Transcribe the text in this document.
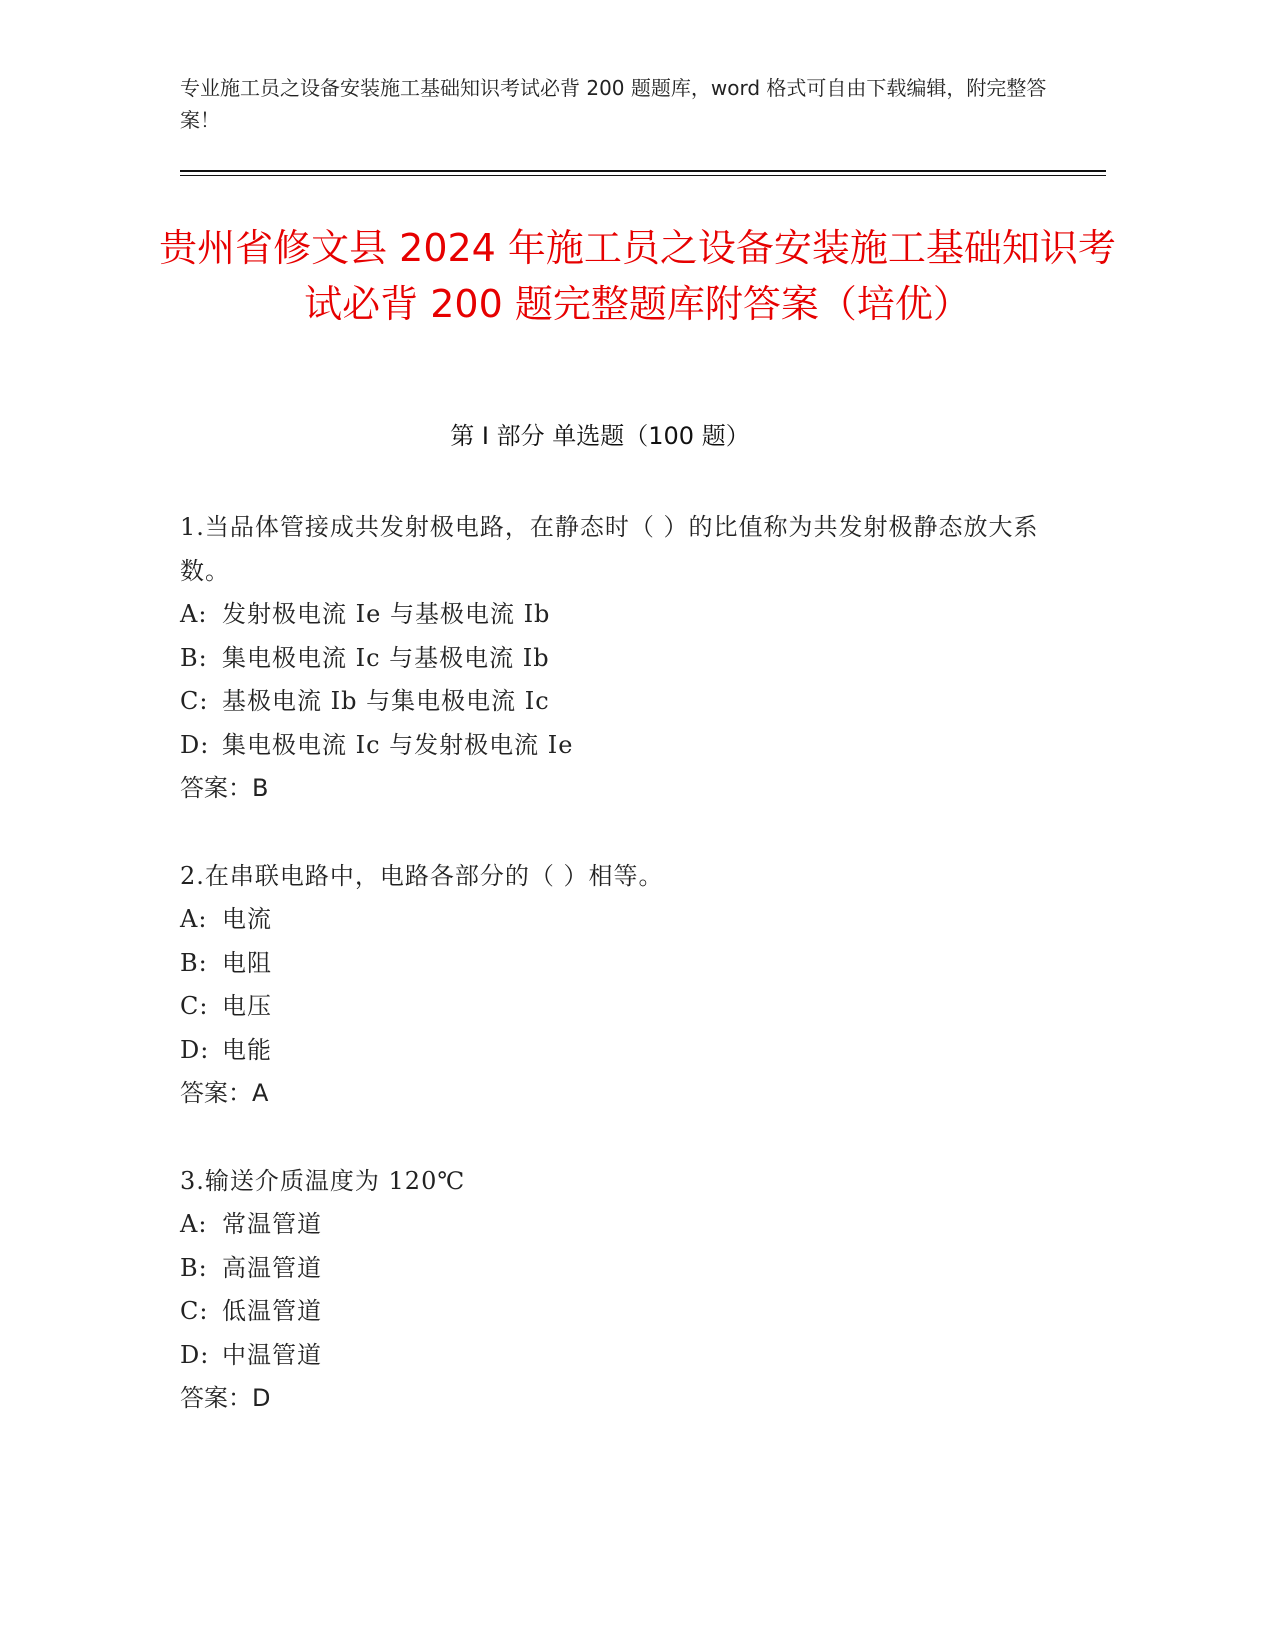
专业施工员之设备安装施工基础知识考试必背 200 题题库，word 格式可自由下载编辑，附完整答案！
贵州省修文县 2024 年施工员之设备安装施工基础知识考试必背 200 题完整题库附答案（培优）
第 I 部分 单选题（100 题）
1.当品体管接成共发射极电路，在静态时（ ）的比值称为共发射极静态放大系数。
A: 发射极电流 Ie 与基极电流 Ib
B: 集电极电流 Ic 与基极电流 Ib
C: 基极电流 Ib 与集电极电流 Ic
D: 集电极电流 Ic 与发射极电流 Ie
答案：B
2.在串联电路中，电路各部分的（ ）相等。
A: 电流
B: 电阻
C: 电压
D: 电能
答案：A
3.输送介质温度为 120℃
A: 常温管道
B: 高温管道
C: 低温管道
D: 中温管道
答案：D
